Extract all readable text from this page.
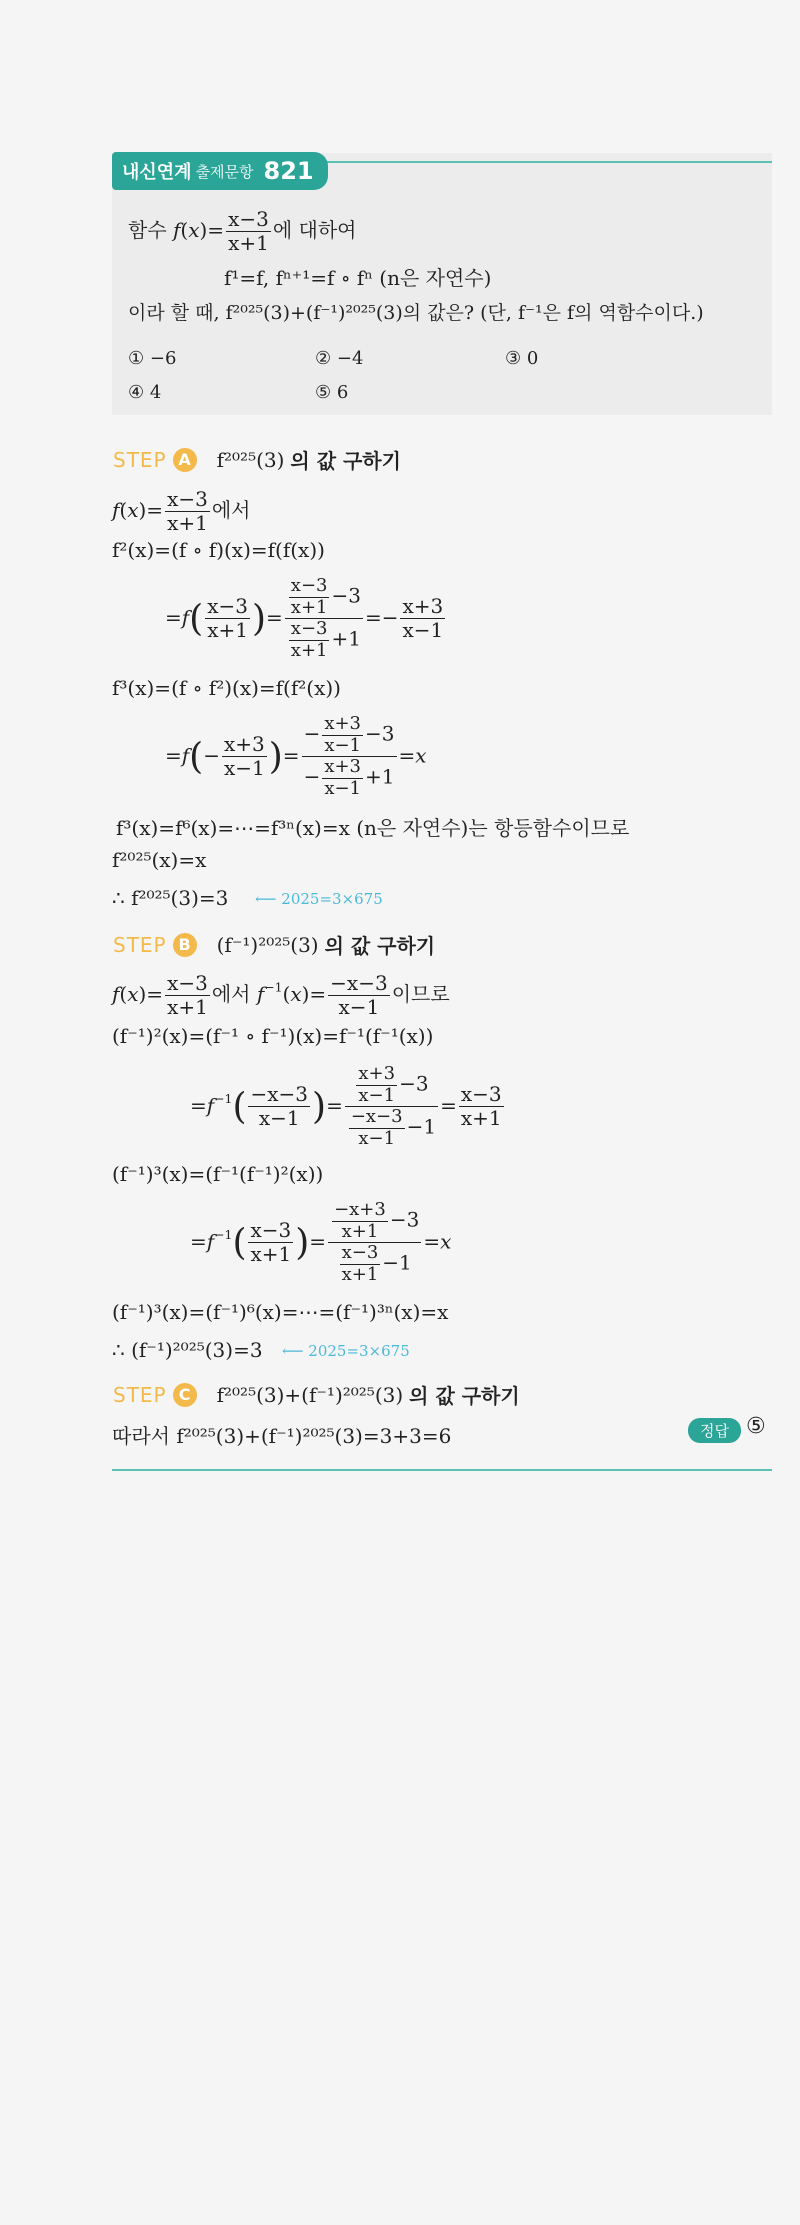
내신연계 출제문항 821
함수 $f(x)= \frac{x-3}{x+1}$ 에 대하여
f¹=f, fⁿ⁺¹=f ∘ fⁿ (n은 자연수)
이라 할 때, f²⁰²⁵(3)+(f⁻¹)²⁰²⁵(3)의 값은? (단, f⁻¹은 f의 역함수이다.)
① −6	② −4	③ 0
④ 4	⑤ 6
STEP A f²⁰²⁵(3) 의 값 구하기
$f(x)= \frac{x-3}{x+1}$ 에서
f²(x)=(f ∘ f)(x)=f(f(x))
$=f( \frac{x-3}{x+1}$ )= $\frac{\frac{x-3}{x+1} -3}{\frac{x-3}{x+1} +1} =- \frac{x+3}{x-1}$
f³(x)=(f ∘ f²)(x)=f(f²(x))
$=f(- \frac{x+3}{x-1}$ )= $\frac{- \frac{x+3}{x-1} -3}{- \frac{x+3}{x-1} +1} =x$
f³(x)=f⁶(x)=⋯=f³ⁿ(x)=x (n은 자연수)는 항등함수이므로
f²⁰²⁵(x)=x
∴ f²⁰²⁵(3)=3 ⟵ 2025=3×675
STEP B (f⁻¹)²⁰²⁵(3) 의 값 구하기
$f(x)= \frac{x-3}{x+1}$ 에서 $f^{-1}(x)= \frac{-x-3}{x-1}$ 이므로
(f⁻¹)²(x)=(f⁻¹ ∘ f⁻¹)(x)=f⁻¹(f⁻¹(x))
$=f^{-1}( \frac{-x-3}{x-1}$ )= $\frac{\frac{x+3}{x-1} -3}{\frac{-x-3}{x-1} -1} = \frac{x-3}{x+1}$
(f⁻¹)³(x)=(f⁻¹(f⁻¹)²(x))
$=f^{-1}( \frac{x-3}{x+1}$ )= $\frac{\frac{-x+3}{x+1} -3}{\frac{x-3}{x+1} -1} =x$
(f⁻¹)³(x)=(f⁻¹)⁶(x)=⋯=(f⁻¹)³ⁿ(x)=x
∴ (f⁻¹)²⁰²⁵(3)=3 ⟵ 2025=3×675
STEP C	f²⁰²⁵(3)+(f⁻¹)²⁰²⁵(3) 의 값 구하기
따라서 f²⁰²⁵(3)+(f⁻¹)²⁰²⁵(3)=3+3=6	정답 ⑤
